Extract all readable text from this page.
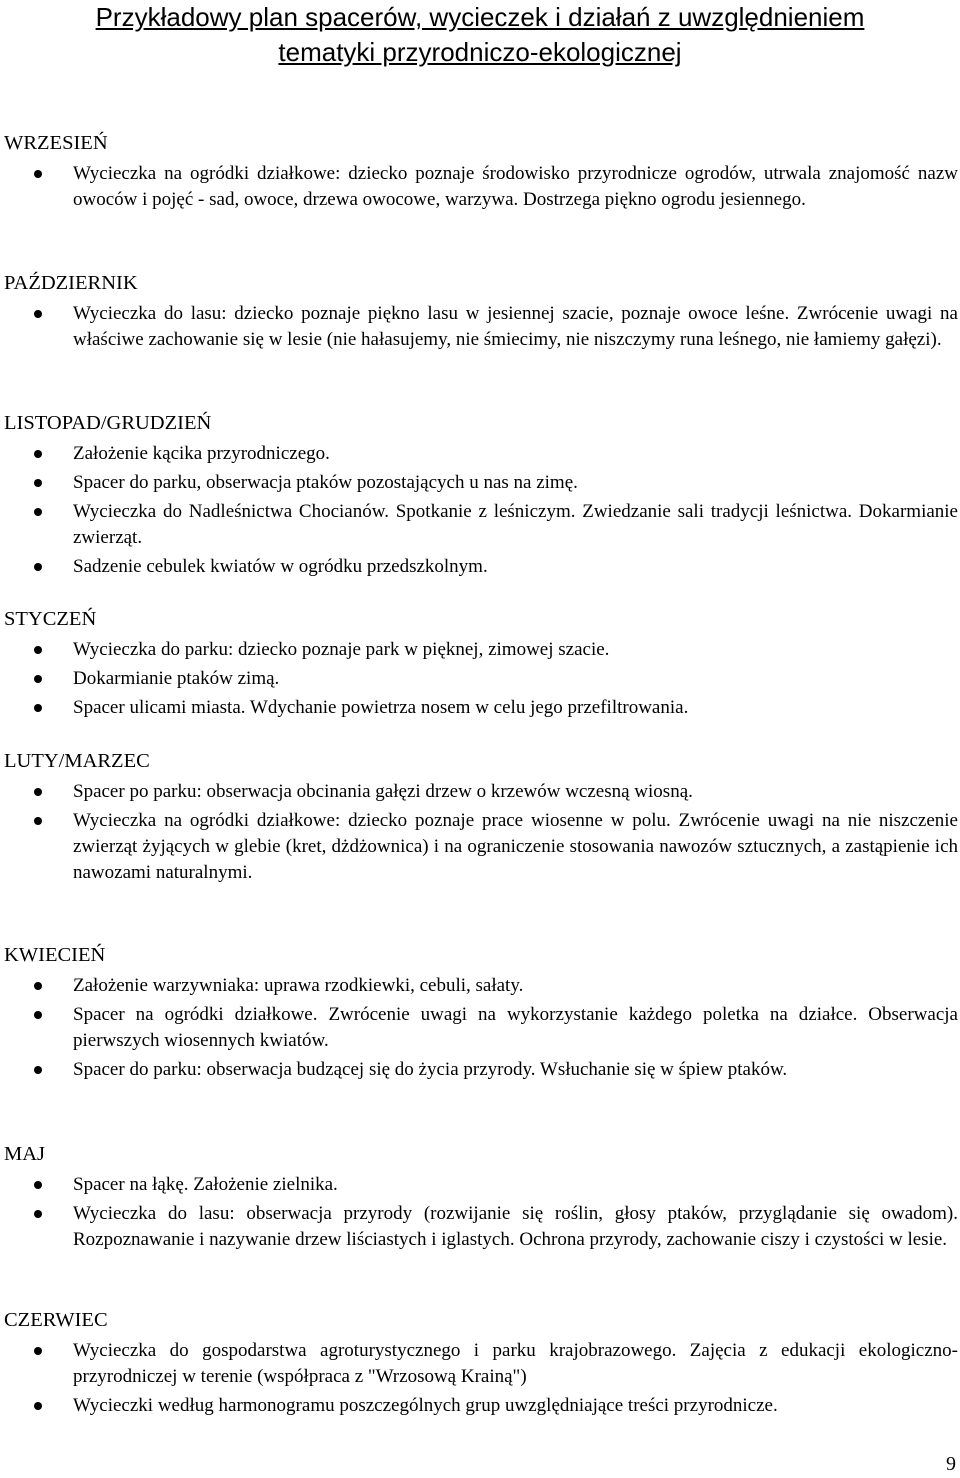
Przykładowy plan spacerów, wycieczek i działań z uwzględnieniem
tematyki przyrodniczo-ekologicznej
WRZESIEŃ
Wycieczka na ogródki działkowe: dziecko poznaje środowisko przyrodnicze ogrodów, utrwala znajomość nazw owoców i pojęć - sad, owoce, drzewa owocowe, warzywa. Dostrzega piękno ogrodu jesiennego.
PAŹDZIERNIK
Wycieczka do lasu: dziecko poznaje piękno lasu w jesiennej szacie, poznaje owoce leśne. Zwrócenie uwagi na właściwe zachowanie się w lesie (nie hałasujemy, nie śmiecimy, nie niszczymy runa leśnego, nie łamiemy gałęzi).
LISTOPAD/GRUDZIEŃ
Założenie kącika przyrodniczego.
Spacer do parku, obserwacja ptaków pozostających u nas na zimę.
Wycieczka do Nadleśnictwa Chocianów. Spotkanie z leśniczym. Zwiedzanie sali tradycji leśnictwa. Dokarmianie zwierząt.
Sadzenie cebulek kwiatów w ogródku przedszkolnym.
STYCZEŃ
Wycieczka do parku: dziecko poznaje park w pięknej, zimowej szacie.
Dokarmianie ptaków zimą.
Spacer ulicami miasta. Wdychanie powietrza nosem w celu jego przefiltrowania.
LUTY/MARZEC
Spacer po parku: obserwacja obcinania gałęzi drzew o krzewów wczesną wiosną.
Wycieczka na ogródki działkowe: dziecko poznaje prace wiosenne w polu. Zwrócenie uwagi na nie niszczenie zwierząt żyjących w glebie (kret, dżdżownica) i na ograniczenie stosowania nawozów sztucznych, a zastąpienie ich nawozami naturalnymi.
KWIECIEŃ
Założenie warzywniaka: uprawa rzodkiewki, cebuli, sałaty.
Spacer na ogródki działkowe. Zwrócenie uwagi na wykorzystanie każdego poletka na działce. Obserwacja pierwszych wiosennych kwiatów.
Spacer do parku: obserwacja budzącej się do życia przyrody. Wsłuchanie się w śpiew ptaków.
MAJ
Spacer na łąkę. Założenie zielnika.
Wycieczka do lasu: obserwacja przyrody (rozwijanie się roślin, głosy ptaków, przyglądanie się owadom). Rozpoznawanie i nazywanie drzew liściastych i iglastych. Ochrona przyrody, zachowanie ciszy i czystości w lesie.
CZERWIEC
Wycieczka do gospodarstwa agroturystycznego i parku krajobrazowego. Zajęcia z edukacji ekologiczno-przyrodniczej w terenie (współpraca z "Wrzosową Krainą")
Wycieczki według harmonogramu poszczególnych grup uwzględniające treści przyrodnicze.
9
